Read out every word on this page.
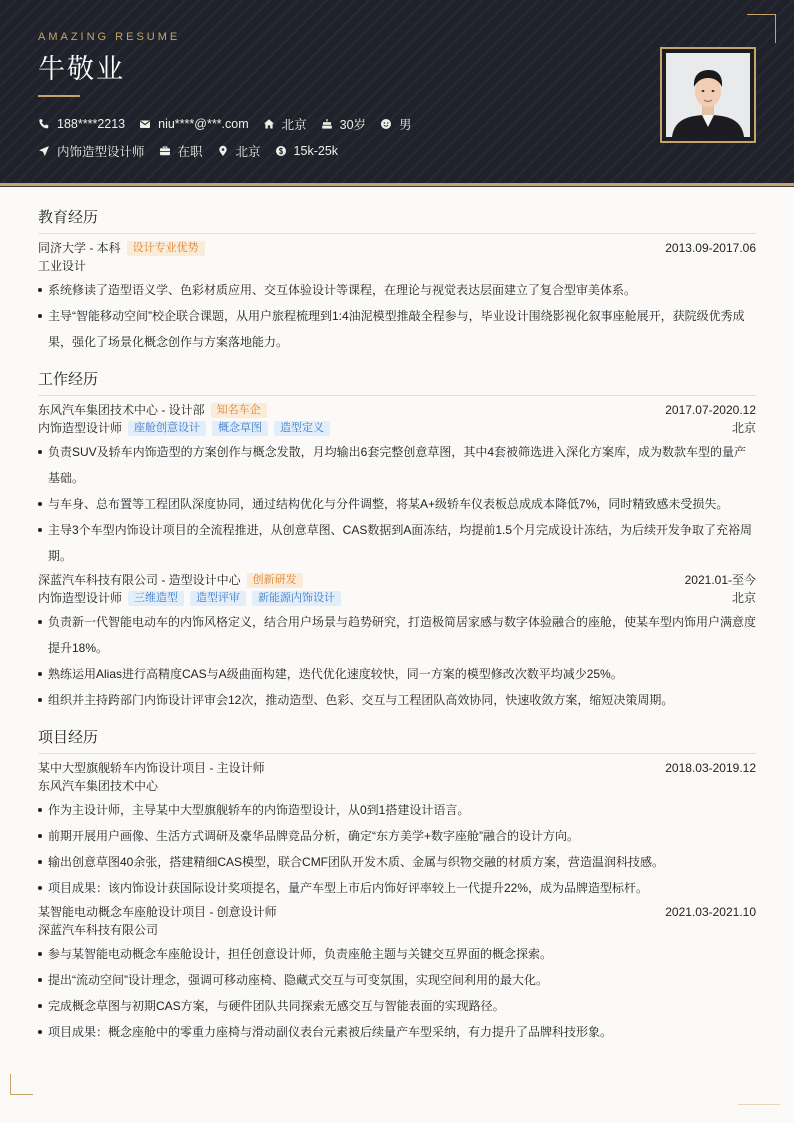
AMAZING RESUME
牛敬业
188****2213	niu****@***.com	北京	30岁	男
内饰造型设计师	在职	北京	15k-25k
教育经历
同济大学 - 本科	设计专业优势	2013.09-2017.06
工业设计
系统修读了造型语义学、色彩材质应用、交互体验设计等课程，在理论与视觉表达层面建立了复合型审美体系。
主导“智能移动空间”校企联合课题，从用户旅程梳理到1:4油泥模型推敲全程参与，毕业设计围绕影视化叙事座舱展开，获院级优秀成果，强化了场景化概念创作与方案落地能力。
工作经历
东风汽车集团技术中心 - 设计部	知名车企	2017.07-2020.12
内饰造型设计师	座舱创意设计	概念草图	造型定义	北京
负责SUV及轿车内饰造型的方案创作与概念发散，月均输出6套完整创意草图，其中4套被筛选进入深化方案库，成为数款车型的量产基础。
与车身、总布置等工程团队深度协同，通过结构优化与分件调整，将某A+级轿车仪表板总成成本降低7%，同时精致感未受损失。
主导3个车型内饰设计项目的全流程推进，从创意草图、CAS数据到A面冻结，均提前1.5个月完成设计冻结，为后续开发争取了充裕周期。
深蓝汽车科技有限公司 - 造型设计中心	创新研发	2021.01-至今
内饰造型设计师	三维造型	造型评审	新能源内饰设计	北京
负责新一代智能电动车的内饰风格定义，结合用户场景与趋势研究，打造极简居家感与数字体验融合的座舱，使某车型内饰用户满意度提升18%。
熟练运用Alias进行高精度CAS与A级曲面构建，迭代优化速度较快，同一方案的模型修改次数平均减少25%。
组织并主持跨部门内饰设计评审会12次，推动造型、色彩、交互与工程团队高效协同，快速收敛方案，缩短决策周期。
项目经历
某中大型旗舰轿车内饰设计项目 - 主设计师	2018.03-2019.12
东风汽车集团技术中心
作为主设计师，主导某中大型旗舰轿车的内饰造型设计，从0到1搭建设计语言。
前期开展用户画像、生活方式调研及豪华品牌竞品分析，确定“东方美学+数字座舱”融合的设计方向。
输出创意草图40余张，搭建精细CAS模型，联合CMF团队开发木质、金属与织物交融的材质方案，营造温润科技感。
项目成果：该内饰设计获国际设计奖项提名，量产车型上市后内饰好评率较上一代提升22%，成为品牌造型标杆。
某智能电动概念车座舱设计项目 - 创意设计师	2021.03-2021.10
深蓝汽车科技有限公司
参与某智能电动概念车座舱设计，担任创意设计师，负责座舱主题与关键交互界面的概念探索。
提出“流动空间”设计理念，强调可移动座椅、隐藏式交互与可变氛围，实现空间利用的最大化。
完成概念草图与初期CAS方案，与硬件团队共同探索无感交互与智能表面的实现路径。
项目成果：概念座舱中的零重力座椅与滑动副仪表台元素被后续量产车型采纳，有力提升了品牌科技形象。
